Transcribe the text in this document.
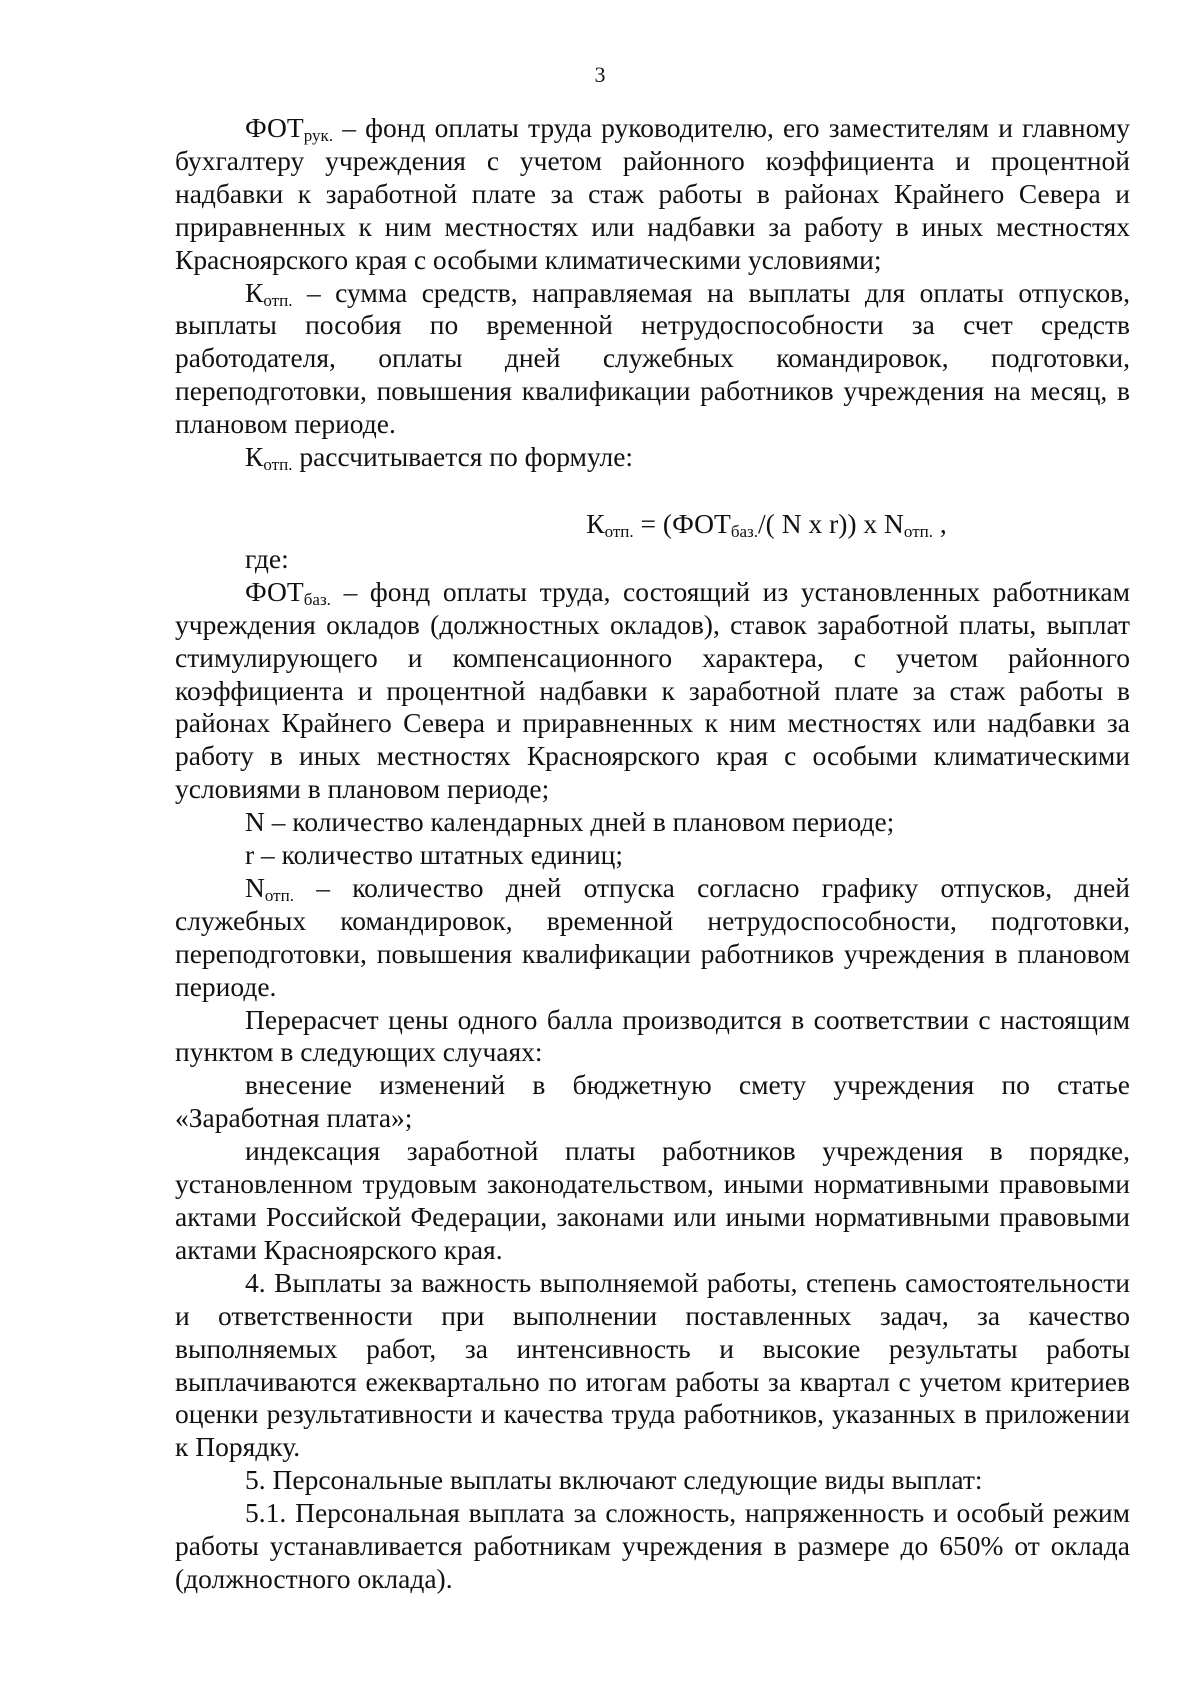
3

$ФОТ_{рук.}$ – фонд оплаты труда руководителю, его заместителям и главному бухгалтеру учреждения с учетом районного коэффициента и процентной надбавки к заработной плате за стаж работы в районах Крайнего Севера и приравненных к ним местностях или надбавки за работу в иных местностях Красноярского края с особыми климатическими условиями;

$К_{отп.}$ – сумма средств, направляемая на выплаты для оплаты отпусков, выплаты пособия по временной нетрудоспособности за счет средств работодателя, оплаты дней служебных командировок, подготовки, переподготовки, повышения квалификации работников учреждения на месяц, в плановом периоде.

$К_{отп.}$ рассчитывается по формуле:

$К_{отп.} = (ФОТ_{баз.}/$( N x r)) x $N_{отп.}$ ,

где:

$ФОТ_{баз.}$ – фонд оплаты труда, состоящий из установленных работникам учреждения окладов (должностных окладов), ставок заработной платы, выплат стимулирующего и компенсационного характера, с учетом районного коэффициента и процентной надбавки к заработной плате за стаж работы в районах Крайнего Севера и приравненных к ним местностях или надбавки за работу в иных местностях Красноярского края с особыми климатическими условиями в плановом периоде;

N – количество календарных дней в плановом периоде;

r – количество штатных единиц;

$N_{отп.}$ – количество дней отпуска согласно графику отпусков, дней служебных командировок, временной нетрудоспособности, подготовки, переподготовки, повышения квалификации работников учреждения в плановом периоде.

Перерасчет цены одного балла производится в соответствии с настоящим пунктом в следующих случаях:

внесение изменений в бюджетную смету учреждения по статье «Заработная плата»;

индексация заработной платы работников учреждения в порядке, установленном трудовым законодательством, иными нормативными правовыми актами Российской Федерации, законами или иными нормативными правовыми актами Красноярского края.

4. Выплаты за важность выполняемой работы, степень самостоятельности и ответственности при выполнении поставленных задач, за качество выполняемых работ, за интенсивность и высокие результаты работы выплачиваются ежеквартально по итогам работы за квартал с учетом критериев оценки результативности и качества труда работников, указанных в приложении к Порядку.

5. Персональные выплаты включают следующие виды выплат:

5.1. Персональная выплата за сложность, напряженность и особый режим работы устанавливается работникам учреждения в размере до 650% от оклада (должностного оклада).
